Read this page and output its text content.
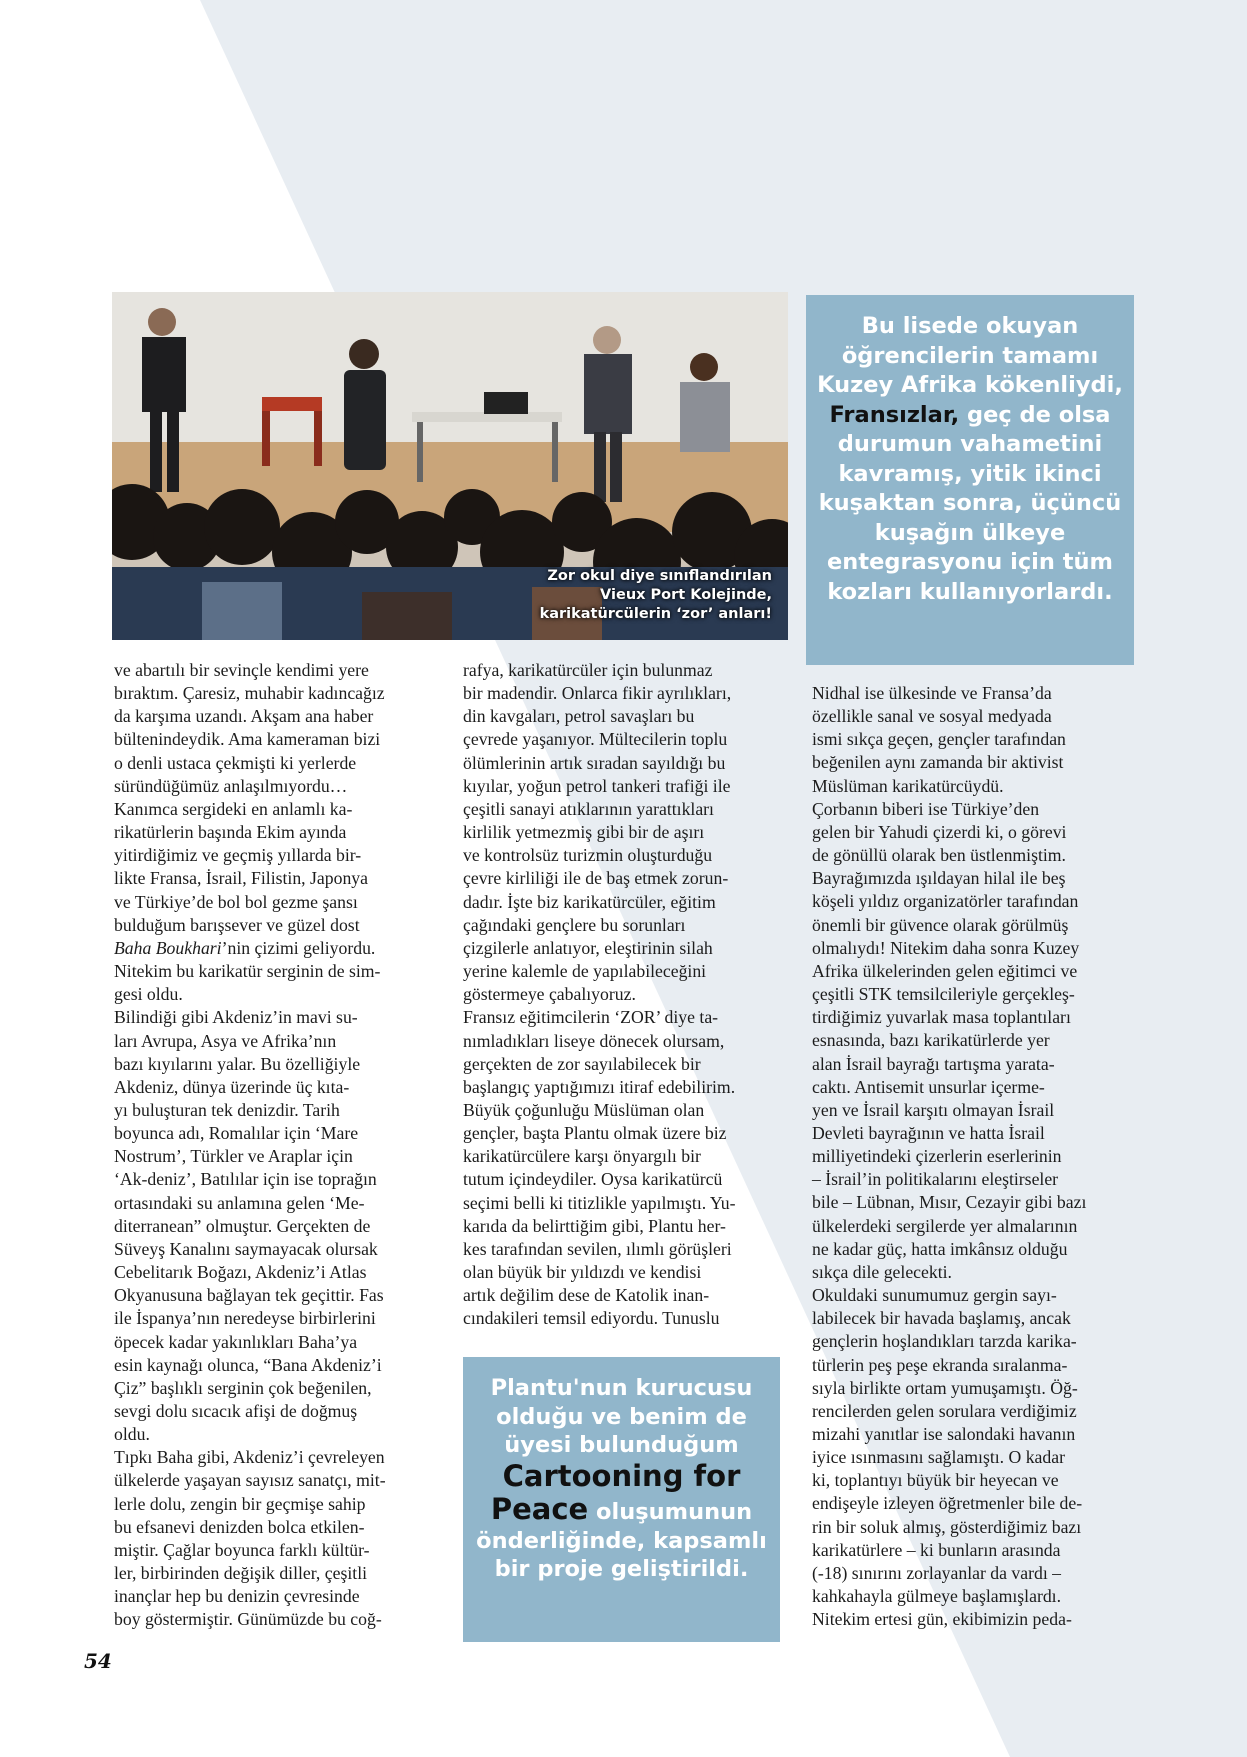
Zor okul diye sınıflandırılan
Vieux Port Kolejinde,
karikatürcülerin ‘zor’ anları!
Bu lisede okuyan öğrencilerin tamamı Kuzey Afrika kökenliydi, Fransızlar, geç de olsa durumun vahametini kavramış, yitik ikinci kuşaktan sonra, üçüncü kuşağın ülkeye entegrasyonu için tüm kozları kullanıyorlardı.

ve abartılı bir sevinçle kendimi yere
bıraktım. Çaresiz, muhabir kadıncağız
da karşıma uzandı. Akşam ana haber
bültenindeydik. Ama kameraman bizi
o denli ustaca çekmişti ki yerlerde
süründüğümüz anlaşılmıyordu…
Kanımca sergideki en anlamlı ka-
rikatürlerin başında Ekim ayında
yitirdiğimiz ve geçmiş yıllarda bir-
likte Fransa, İsrail, Filistin, Japonya
ve Türkiye’de bol bol gezme şansı
bulduğum barışsever ve güzel dost
Baha Boukhari’nin çizimi geliyordu.
Nitekim bu karikatür serginin de sim-
gesi oldu.
Bilindiği gibi Akdeniz’in mavi su-
ları Avrupa, Asya ve Afrika’nın
bazı kıyılarını yalar. Bu özelliğiyle
Akdeniz, dünya üzerinde üç kıta-
yı buluşturan tek denizdir. Tarih
boyunca adı, Romalılar için ‘Mare
Nostrum’, Türkler ve Araplar için
‘Ak-deniz’, Batılılar için ise toprağın
ortasındaki su anlamına gelen ‘Me-
diterranean” olmuştur. Gerçekten de
Süveyş Kanalını saymayacak olursak
Cebelitarık Boğazı, Akdeniz’i Atlas
Okyanusuna bağlayan tek geçittir. Fas
ile İspanya’nın neredeyse birbirlerini
öpecek kadar yakınlıkları Baha’ya
esin kaynağı olunca, “Bana Akdeniz’i
Çiz” başlıklı serginin çok beğenilen,
sevgi dolu sıcacık afişi de doğmuş
oldu.
Tıpkı Baha gibi, Akdeniz’i çevreleyen
ülkelerde yaşayan sayısız sanatçı, mit-
lerle dolu, zengin bir geçmişe sahip
bu efsanevi denizden bolca etkilen-
miştir. Çağlar boyunca farklı kültür-
ler, birbirinden değişik diller, çeşitli
inançlar hep bu denizin çevresinde
boy göstermiştir. Günümüzde bu coğ-

rafya, karikatürcüler için bulunmaz
bir madendir. Onlarca fikir ayrılıkları,
din kavgaları, petrol savaşları bu
çevrede yaşanıyor. Mültecilerin toplu
ölümlerinin artık sıradan sayıldığı bu
kıyılar, yoğun petrol tankeri trafiği ile
çeşitli sanayi atıklarının yarattıkları
kirlilik yetmezmiş gibi bir de aşırı
ve kontrolsüz turizmin oluşturduğu
çevre kirliliği ile de baş etmek zorun-
dadır. İşte biz karikatürcüler, eğitim
çağındaki gençlere bu sorunları
çizgilerle anlatıyor, eleştirinin silah
yerine kalemle de yapılabileceğini
göstermeye çabalıyoruz.
Fransız eğitimcilerin ‘ZOR’ diye ta-
nımladıkları liseye dönecek olursam,
gerçekten de zor sayılabilecek bir
başlangıç yaptığımızı itiraf edebilirim.
Büyük çoğunluğu Müslüman olan
gençler, başta Plantu olmak üzere biz
karikatürcülere karşı önyargılı bir
tutum içindeydiler. Oysa karikatürcü
seçimi belli ki titizlikle yapılmıştı. Yu-
karıda da belirttiğim gibi, Plantu her-
kes tarafından sevilen, ılımlı görüşleri
olan büyük bir yıldızdı ve kendisi
artık değilim dese de Katolik inan-
cındakileri temsil ediyordu. Tunuslu

Nidhal ise ülkesinde ve Fransa’da
özellikle sanal ve sosyal medyada
ismi sıkça geçen, gençler tarafından
beğenilen aynı zamanda bir aktivist
Müslüman karikatürcüydü.
Çorbanın biberi ise Türkiye’den
gelen bir Yahudi çizerdi ki, o görevi
de gönüllü olarak ben üstlenmiştim.
Bayrağımızda ışıldayan hilal ile beş
köşeli yıldız organizatörler tarafından
önemli bir güvence olarak görülmüş
olmalıydı! Nitekim daha sonra Kuzey
Afrika ülkelerinden gelen eğitimci ve
çeşitli STK temsilcileriyle gerçekleş-
tirdiğimiz yuvarlak masa toplantıları
esnasında, bazı karikatürlerde yer
alan İsrail bayrağı tartışma yarata-
caktı. Antisemit unsurlar içerme-
yen ve İsrail karşıtı olmayan İsrail
Devleti bayrağının ve hatta İsrail
milliyetindeki çizerlerin eserlerinin
– İsrail’in politikalarını eleştirseler
bile – Lübnan, Mısır, Cezayir gibi bazı
ülkelerdeki sergilerde yer almalarının
ne kadar güç, hatta imkânsız olduğu
sıkça dile gelecekti.
Okuldaki sunumumuz gergin sayı-
labilecek bir havada başlamış, ancak
gençlerin hoşlandıkları tarzda karika-
türlerin peş peşe ekranda sıralanma-
sıyla birlikte ortam yumuşamıştı. Öğ-
rencilerden gelen sorulara verdiğimiz
mizahi yanıtlar ise salondaki havanın
iyice ısınmasını sağlamıştı. O kadar
ki, toplantıyı büyük bir heyecan ve
endişeyle izleyen öğretmenler bile de-
rin bir soluk almış, gösterdiğimiz bazı
karikatürlere – ki bunların arasında
(-18) sınırını zorlayanlar da vardı –
kahkahayla gülmeye başlamışlardı.
Nitekim ertesi gün, ekibimizin peda-

Plantu'nun kurucusu olduğu ve benim de üyesi bulunduğum Cartooning for Peace oluşumunun önderliğinde, kapsamlı bir proje geliştirildi.
54
